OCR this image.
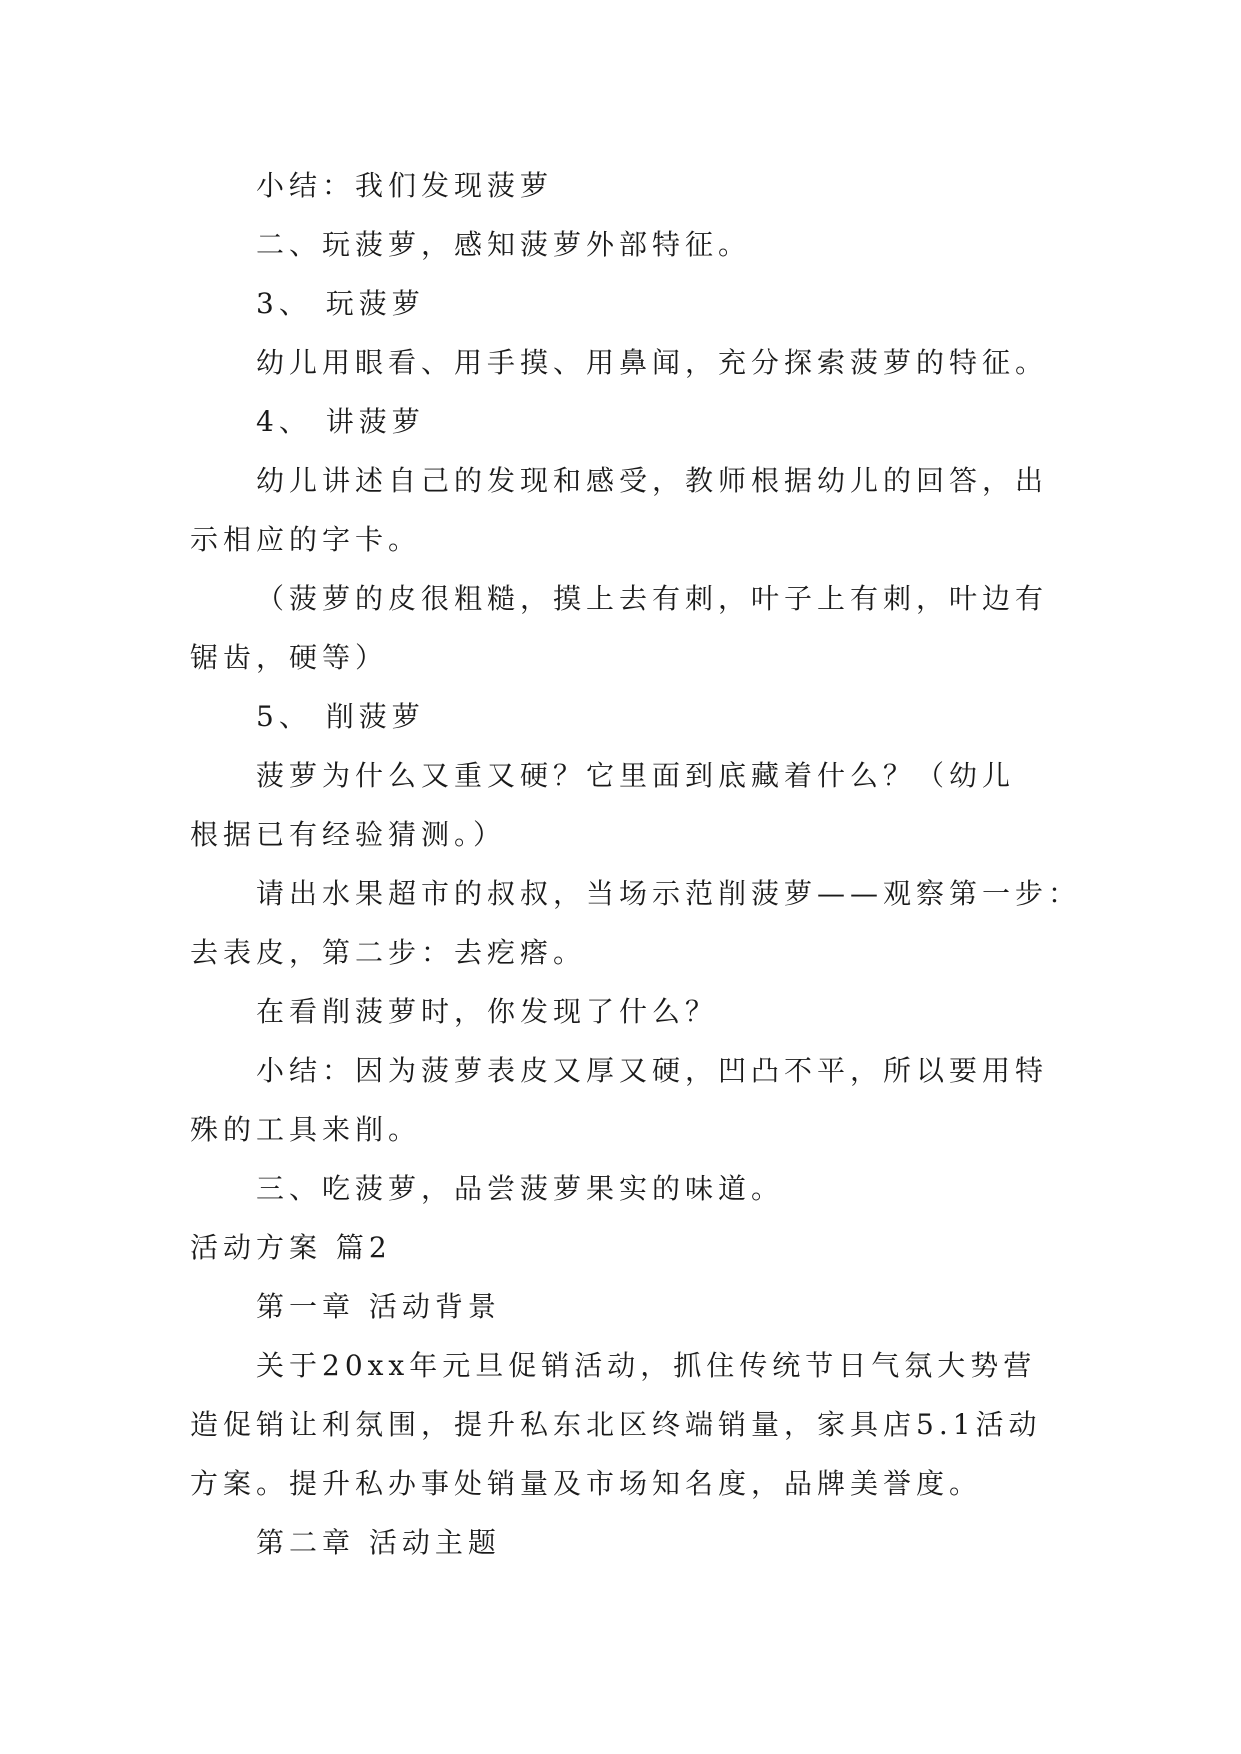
小结：我们发现菠萝
二、玩菠萝，感知菠萝外部特征。
3、 玩菠萝
幼儿用眼看、用手摸、用鼻闻，充分探索菠萝的特征。
4、 讲菠萝
幼儿讲述自己的发现和感受，教师根据幼儿的回答，出
示相应的字卡。
（菠萝的皮很粗糙，摸上去有刺，叶子上有刺，叶边有
锯齿，硬等）
5、 削菠萝
菠萝为什么又重又硬？它里面到底藏着什么？（幼儿
根据已有经验猜测。）
请出水果超市的叔叔，当场示范削菠萝——观察第一步：
去表皮，第二步：去疙瘩。
在看削菠萝时，你发现了什么？
小结：因为菠萝表皮又厚又硬，凹凸不平，所以要用特
殊的工具来削。
三、吃菠萝，品尝菠萝果实的味道。
活动方案 篇2
第一章 活动背景
关于20xx年元旦促销活动，抓住传统节日气氛大势营
造促销让利氛围，提升私东北区终端销量，家具店5.1活动
方案。提升私办事处销量及市场知名度，品牌美誉度。
第二章 活动主题
